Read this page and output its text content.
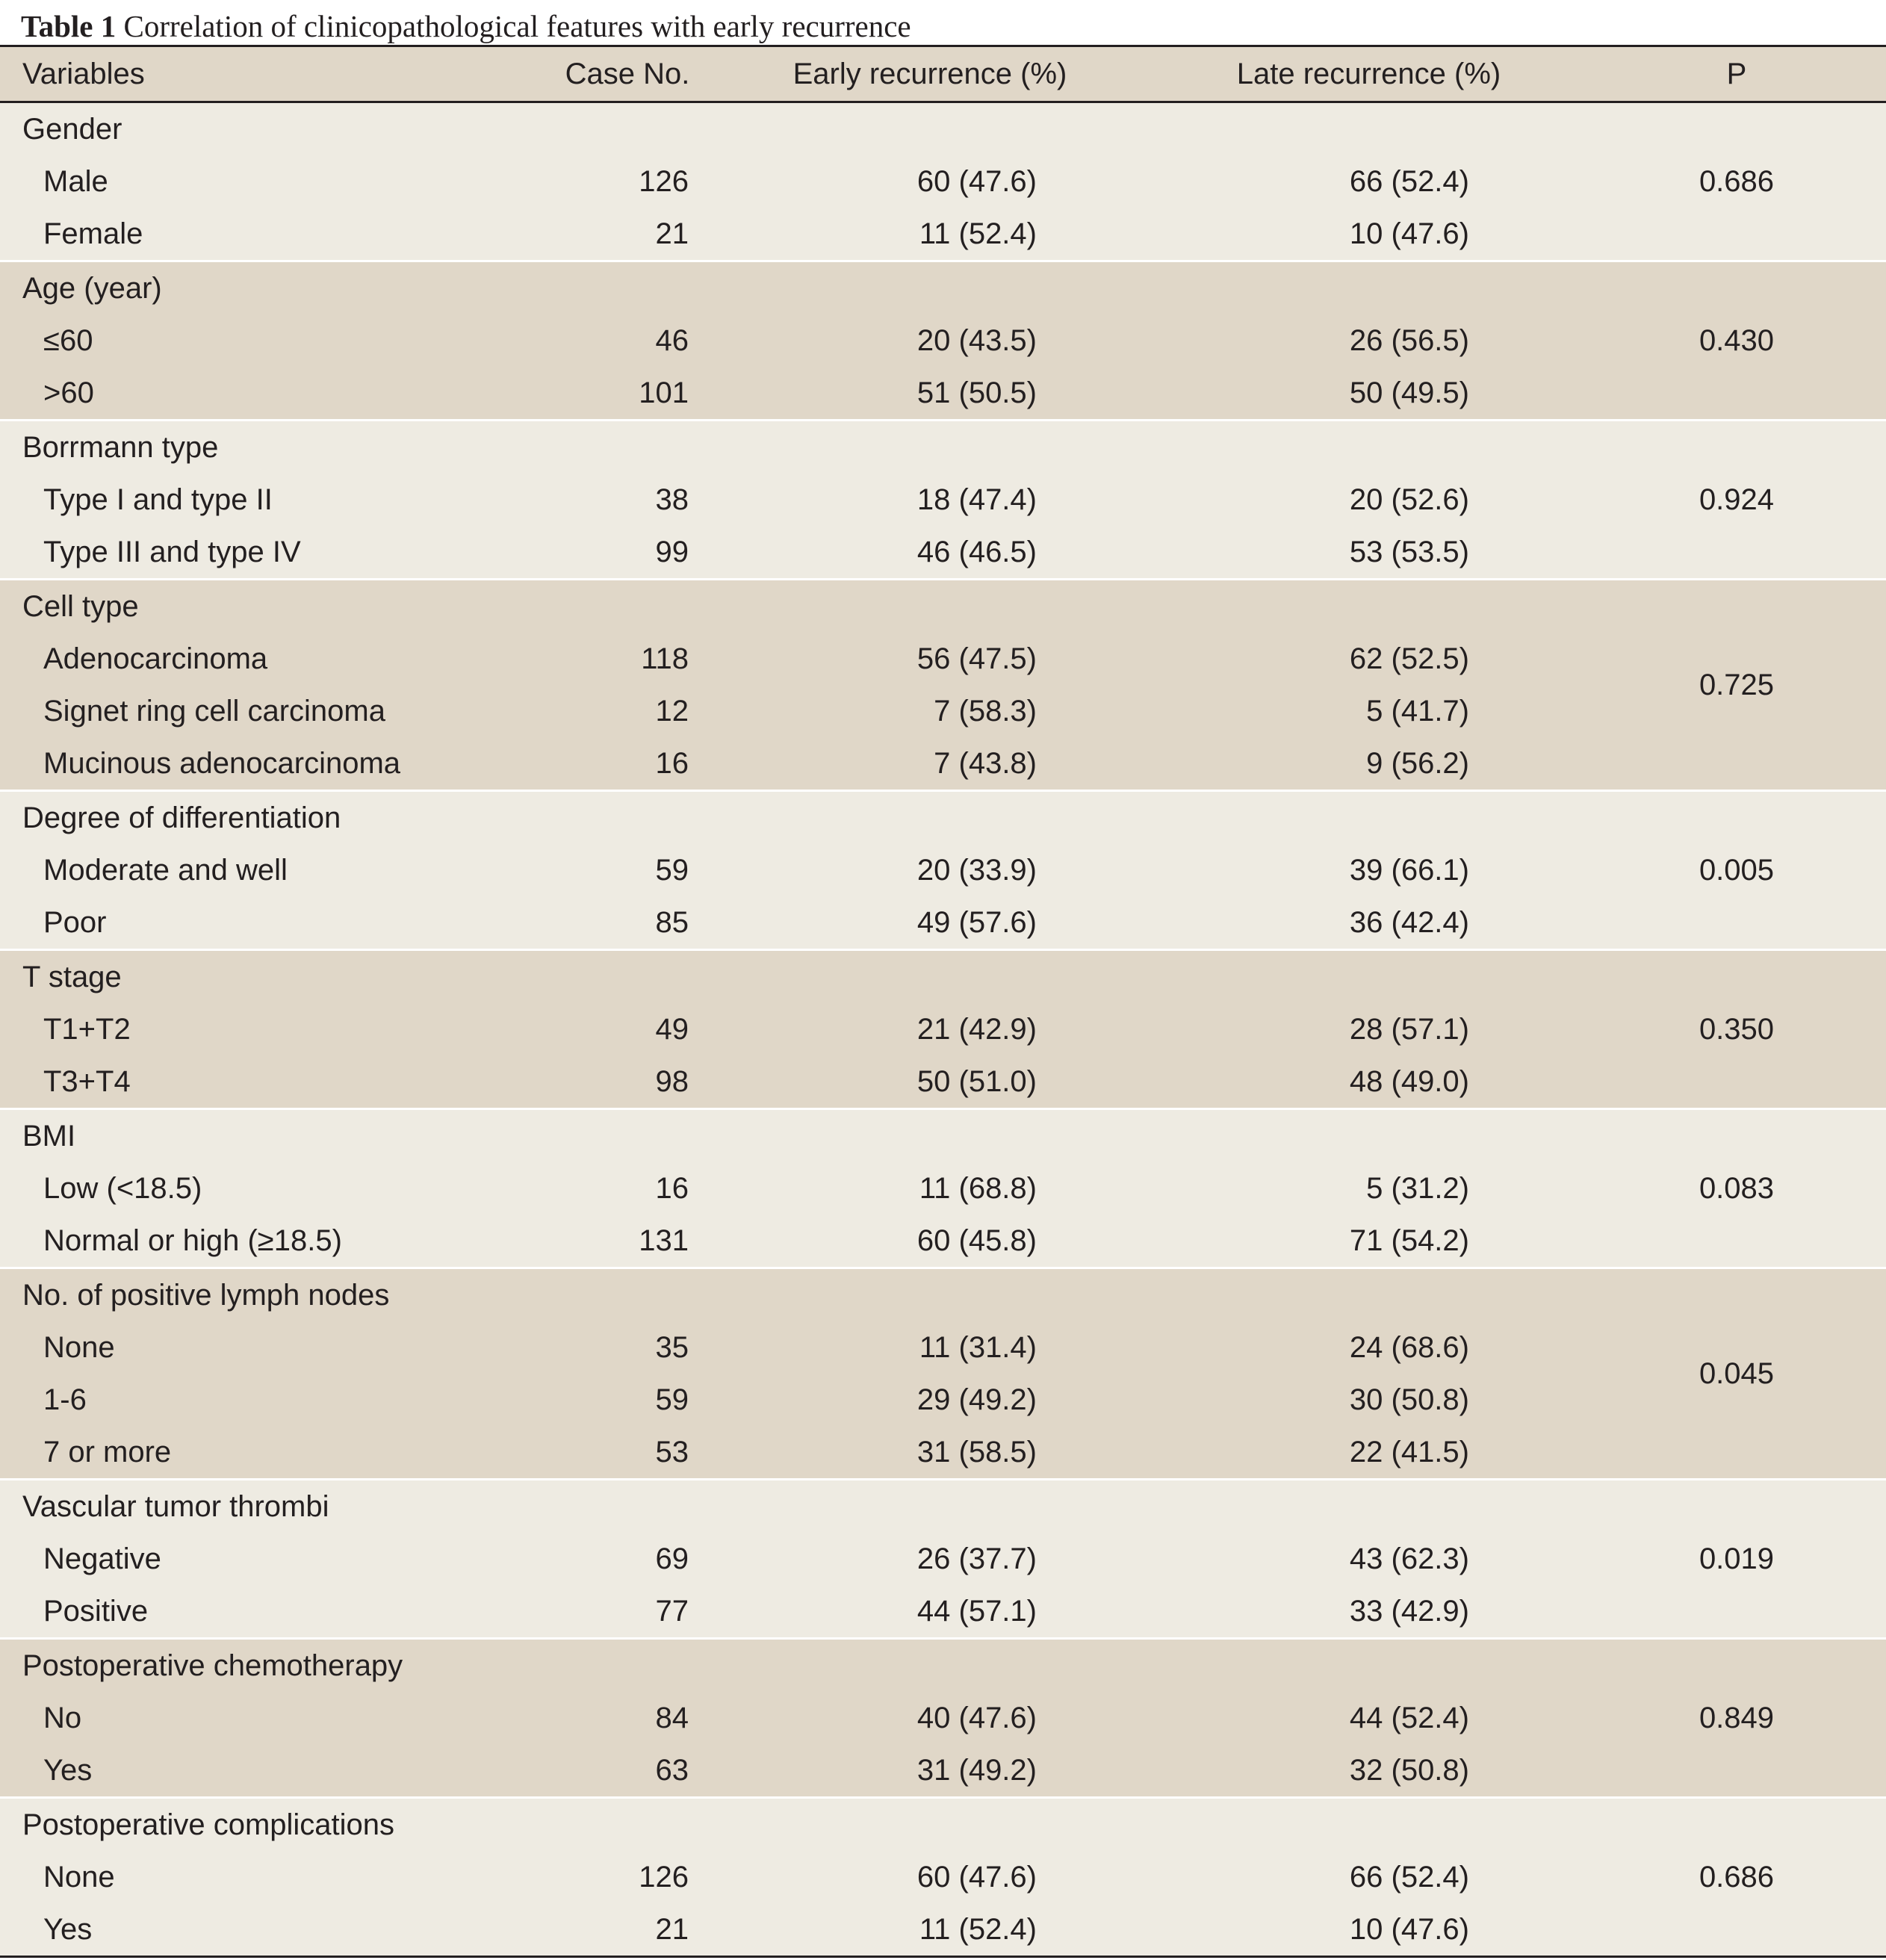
Table 1 Correlation of clinicopathological features with early recurrence
Variables	Case No.	Early recurrence (%)	Late recurrence (%)	P
Gender				0.686
Male	126	60 (47.6)	66 (52.4)	
Female	21	11 (52.4)	10 (47.6)	
Age (year)				0.430
≤60	46	20 (43.5)	26 (56.5)	
>60	101	51 (50.5)	50 (49.5)	
Borrmann type				0.924
Type I and type II	38	18 (47.4)	20 (52.6)	
Type III and type IV	99	46 (46.5)	53 (53.5)	
Cell type				0.725
Adenocarcinoma	118	56 (47.5)	62 (52.5)	
Signet ring cell carcinoma	12	7 (58.3)	5 (41.7)	
Mucinous adenocarcinoma	16	7 (43.8)	9 (56.2)	
Degree of differentiation				0.005
Moderate and well	59	20 (33.9)	39 (66.1)	
Poor	85	49 (57.6)	36 (42.4)	
T stage				0.350
T1+T2	49	21 (42.9)	28 (57.1)	
T3+T4	98	50 (51.0)	48 (49.0)	
BMI				0.083
Low (<18.5)	16	11 (68.8)	5 (31.2)	
Normal or high (≥18.5)	131	60 (45.8)	71 (54.2)	
No. of positive lymph nodes				0.045
None	35	11 (31.4)	24 (68.6)	
1-6	59	29 (49.2)	30 (50.8)	
7 or more	53	31 (58.5)	22 (41.5)	
Vascular tumor thrombi				0.019
Negative	69	26 (37.7)	43 (62.3)	
Positive	77	44 (57.1)	33 (42.9)	
Postoperative chemotherapy				0.849
No	84	40 (47.6)	44 (52.4)	
Yes	63	31 (49.2)	32 (50.8)	
Postoperative complications				0.686
None	126	60 (47.6)	66 (52.4)	
Yes	21	11 (52.4)	10 (47.6)	
